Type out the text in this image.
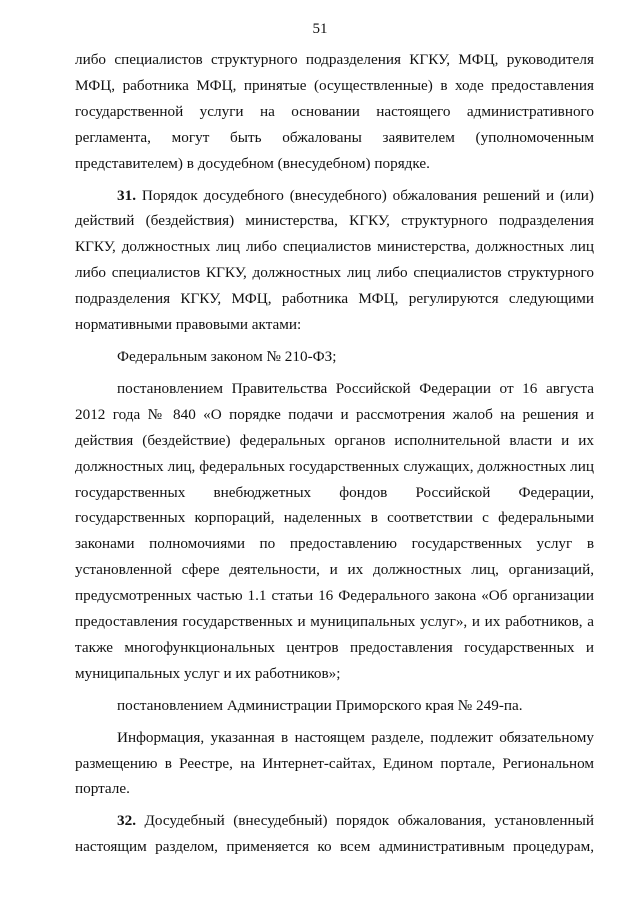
51

либо специалистов структурного подразделения КГКУ, МФЦ, руководителя МФЦ, работника МФЦ, принятые (осуществленные) в ходе предоставления государственной услуги на основании настоящего административного регламента, могут быть обжалованы заявителем (уполномоченным представителем) в досудебном (внесудебном) порядке.

31. Порядок досудебного (внесудебного) обжалования решений и (или) действий (бездействия) министерства, КГКУ, структурного подразделения КГКУ, должностных лиц либо специалистов министерства, должностных лиц либо специалистов КГКУ, должностных лиц либо специалистов структурного подразделения КГКУ, МФЦ, работника МФЦ, регулируются следующими нормативными правовыми актами:

Федеральным законом № 210-ФЗ;

постановлением Правительства Российской Федерации от 16 августа 2012 года № 840 «О порядке подачи и рассмотрения жалоб на решения и действия (бездействие) федеральных органов исполнительной власти и их должностных лиц, федеральных государственных служащих, должностных лиц государственных внебюджетных фондов Российской Федерации, государственных корпораций, наделенных в соответствии с федеральными законами полномочиями по предоставлению государственных услуг в установленной сфере деятельности, и их должностных лиц, организаций, предусмотренных частью 1.1 статьи 16 Федерального закона «Об организации предоставления государственных и муниципальных услуг», и их работников, а также многофункциональных центров предоставления государственных и муниципальных услуг и их работников»;

постановлением Администрации Приморского края № 249-па.

Информация, указанная в настоящем разделе, подлежит обязательному размещению в Реестре, на Интернет-сайтах, Едином портале, Региональном портале.

32. Досудебный (внесудебный) порядок обжалования, установленный настоящим разделом, применяется ко всем административным процедурам,
